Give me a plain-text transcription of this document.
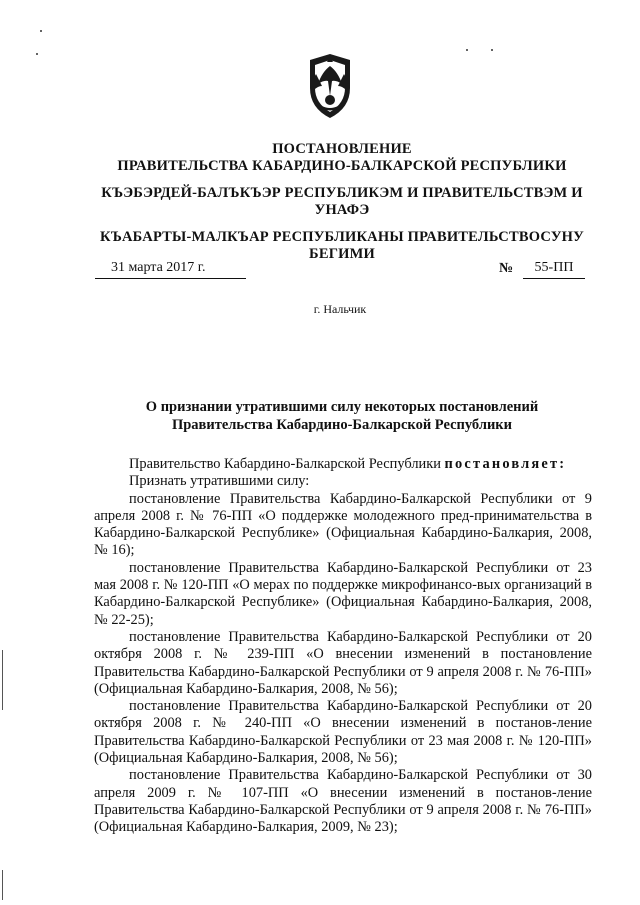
ПОСТАНОВЛЕНИЕ
ПРАВИТЕЛЬСТВА КАБАРДИНО-БАЛКАРСКОЙ РЕСПУБЛИКИ
КЪЭБЭРДЕЙ-БАЛЪКЪЭР РЕСПУБЛИКЭМ И ПРАВИТЕЛЬСТВЭМ И
УНАФЭ
КЪАБАРТЫ-МАЛКЪАР РЕСПУБЛИКАНЫ ПРАВИТЕЛЬСТВОСУНУ
БЕГИМИ
31 марта 2017 г.	№	55-ПП
г. Нальчик
О признании утратившими силу некоторых постановлений
Правительства Кабардино-Балкарской Республики

Правительство Кабардино-Балкарской Республики постановляет:

Признать утратившими силу:

постановление Правительства Кабардино-Балкарской Республики от 9 апреля 2008 г. № 76-ПП «О поддержке молодежного пред-принимательства в Кабардино-Балкарской Республике» (Официальная Кабардино-Балкария, 2008, № 16);

постановление Правительства Кабардино-Балкарской Республики от 23 мая 2008 г. № 120-ПП «О мерах по поддержке микрофинансо-вых организаций в Кабардино-Балкарской Республике» (Официальная Кабардино-Балкария, 2008, № 22-25);

постановление Правительства Кабардино-Балкарской Республики от 20 октября 2008 г. № 239-ПП «О внесении изменений в постановление Правительства Кабардино-Балкарской Республики от 9 апреля 2008 г. № 76-ПП» (Официальная Кабардино-Балкария, 2008, № 56);

постановление Правительства Кабардино-Балкарской Республики от 20 октября 2008 г. № 240-ПП «О внесении изменений в постанов-ление Правительства Кабардино-Балкарской Республики от 23 мая 2008 г. № 120-ПП» (Официальная Кабардино-Балкария, 2008, № 56);

постановление Правительства Кабардино-Балкарской Республики от 30 апреля 2009 г. № 107-ПП «О внесении изменений в постанов-ление Правительства Кабардино-Балкарской Республики от 9 апреля 2008 г. № 76-ПП» (Официальная Кабардино-Балкария, 2009, № 23);
